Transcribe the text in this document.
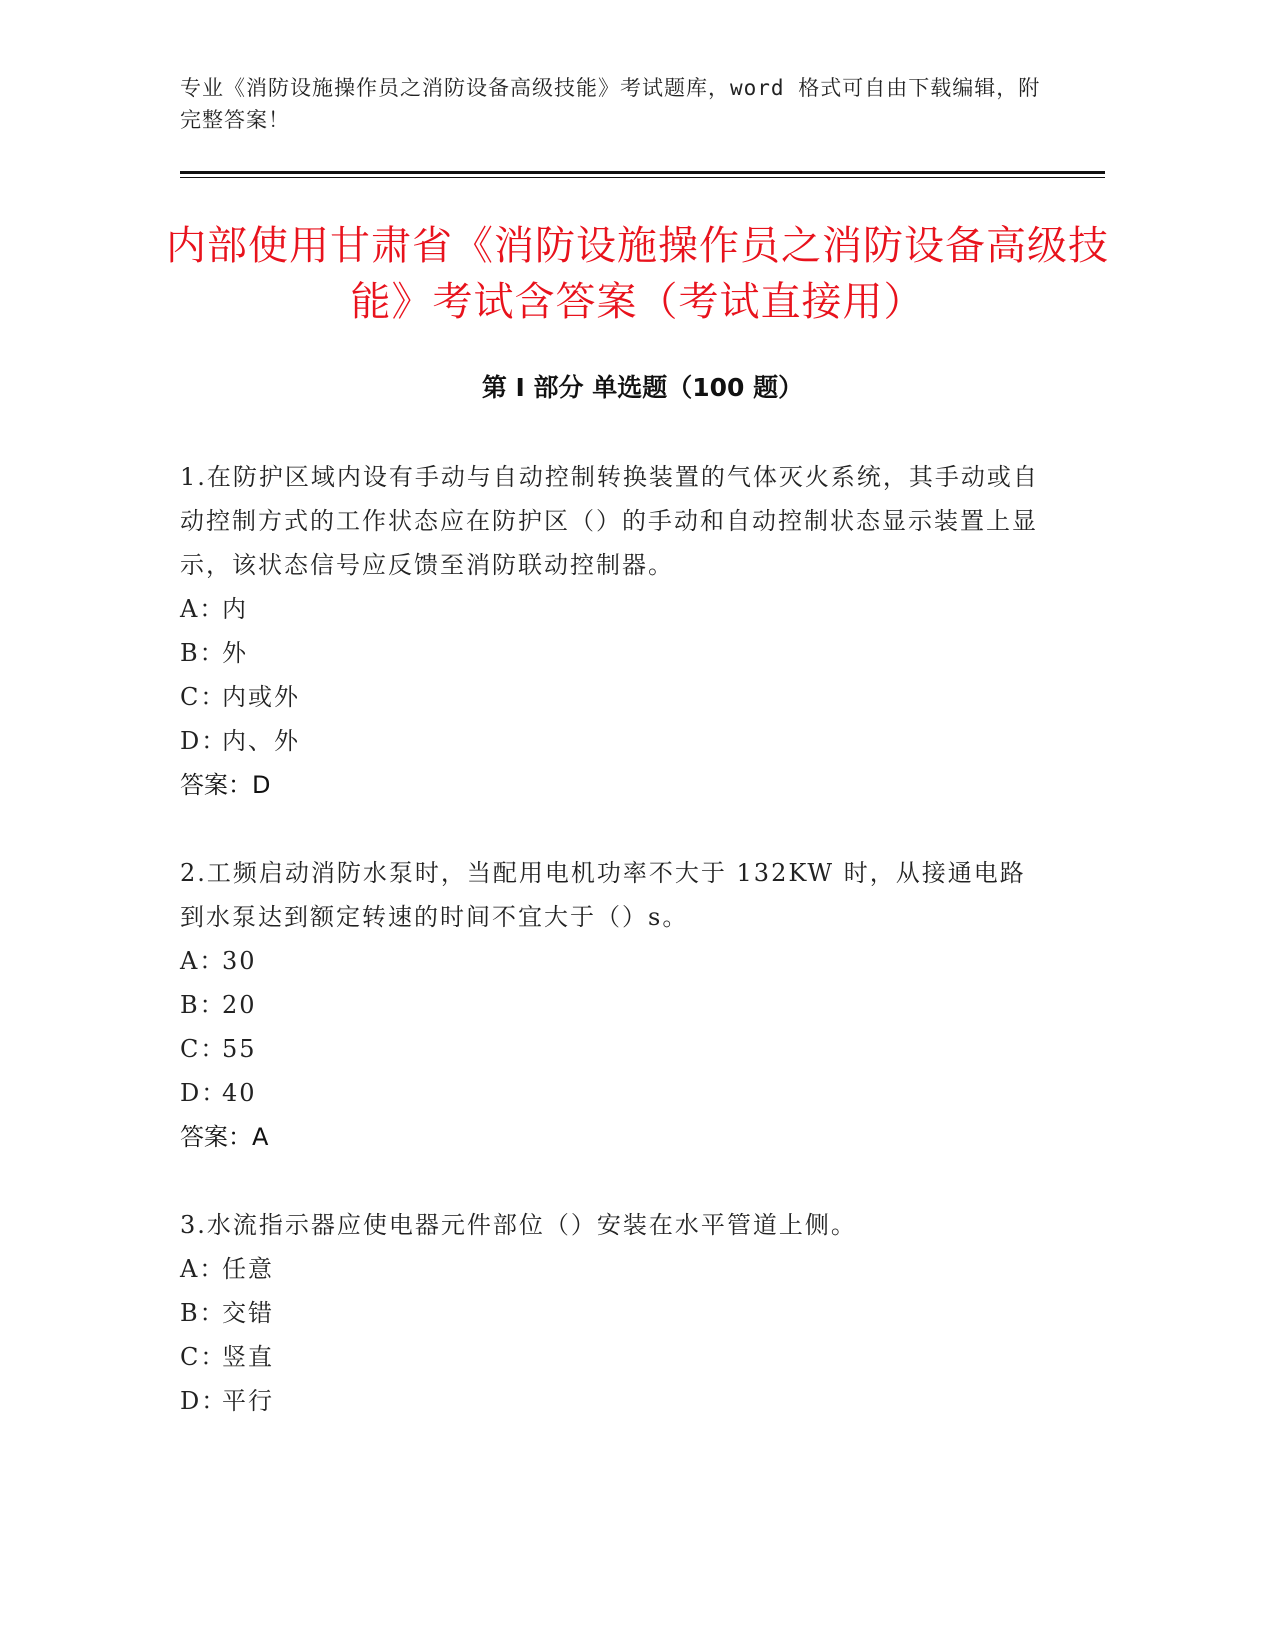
专业《消防设施操作员之消防设备高级技能》考试题库，word 格式可自由下载编辑，附完整答案！
内部使用甘肃省《消防设施操作员之消防设备高级技能》考试含答案（考试直接用）
第 I 部分 单选题（100 题）

1.在防护区域内设有手动与自动控制转换装置的气体灭火系统，其手动或自动控制方式的工作状态应在防护区（）的手动和自动控制状态显示装置上显示，该状态信号应反馈至消防联动控制器。

A：内
B：外
C：内或外
D：内、外
答案：D

2.工频启动消防水泵时，当配用电机功率不大于 132KW 时，从接通电路到水泵达到额定转速的时间不宜大于（）s。

A：30
B：20
C：55
D：40
答案：A

3.水流指示器应使电器元件部位（）安装在水平管道上侧。

A：任意
B：交错
C：竖直
D：平行
